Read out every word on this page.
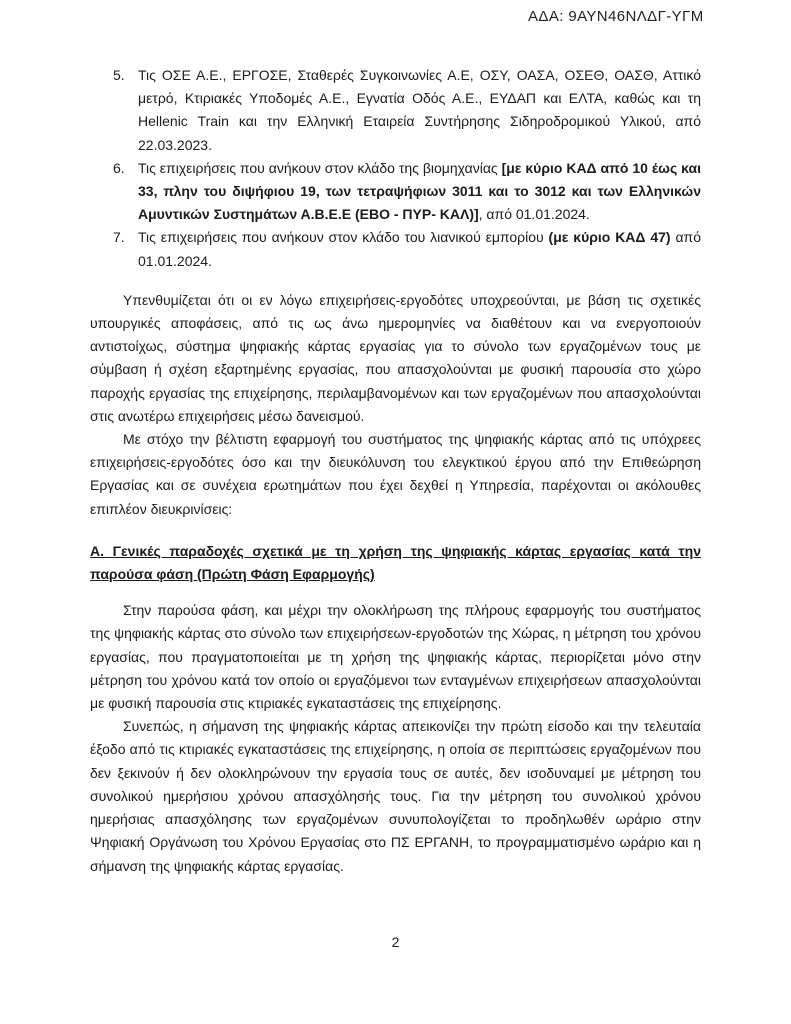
ΑΔΑ: 9ΑΥΝ46ΝΛΔΓ-ΥΓΜ
5. Τις ΟΣΕ Α.Ε., ΕΡΓΟΣΕ, Σταθερές Συγκοινωνίες Α.Ε, ΟΣΥ, ΟΑΣΑ, ΟΣΕΘ, ΟΑΣΘ, Αττικό μετρό, Κτιριακές Υποδομές Α.Ε., Εγνατία Οδός Α.Ε., ΕΥΔΑΠ και ΕΛΤΑ, καθώς και τη Hellenic Train και την Ελληνική Εταιρεία Συντήρησης Σιδηροδρομικού Υλικού, από 22.03.2023.
6. Τις επιχειρήσεις που ανήκουν στον κλάδο της βιομηχανίας [με κύριο ΚΑΔ από 10 έως και 33, πλην του διψήφιου 19, των τετραψήφιων 3011 και το 3012 και των Ελληνικών Αμυντικών Συστημάτων Α.Β.Ε.Ε (ΕΒΟ - ΠΥΡ- ΚΑΛ)], από 01.01.2024.
7. Τις επιχειρήσεις που ανήκουν στον κλάδο του λιανικού εμπορίου (με κύριο ΚΑΔ 47) από 01.01.2024.

Υπενθυμίζεται ότι οι εν λόγω επιχειρήσεις-εργοδότες υποχρεούνται, με βάση τις σχετικές υπουργικές αποφάσεις, από τις ως άνω ημερομηνίες να διαθέτουν και να ενεργοποιούν αντιστοίχως, σύστημα ψηφιακής κάρτας εργασίας για το σύνολο των εργαζομένων τους με σύμβαση ή σχέση εξαρτημένης εργασίας, που απασχολούνται με φυσική παρουσία στο χώρο παροχής εργασίας της επιχείρησης, περιλαμβανομένων και των εργαζομένων που απασχολούνται στις ανωτέρω επιχειρήσεις μέσω δανεισμού.

Με στόχο την βέλτιστη εφαρμογή του συστήματος της ψηφιακής κάρτας από τις υπόχρεες επιχειρήσεις-εργοδότες όσο και την διευκόλυνση του ελεγκτικού έργου από την Επιθεώρηση Εργασίας και σε συνέχεια ερωτημάτων που έχει δεχθεί η Υπηρεσία, παρέχονται οι ακόλουθες επιπλέον διευκρινίσεις:

Α. Γενικές παραδοχές σχετικά με τη χρήση της ψηφιακής κάρτας εργασίας κατά την παρούσα φάση (Πρώτη Φάση Εφαρμογής)

Στην παρούσα φάση, και μέχρι την ολοκλήρωση της πλήρους εφαρμογής του συστήματος της ψηφιακής κάρτας στο σύνολο των επιχειρήσεων-εργοδοτών της Χώρας, η μέτρηση του χρόνου εργασίας, που πραγματοποιείται με τη χρήση της ψηφιακής κάρτας, περιορίζεται μόνο στην μέτρηση του χρόνου κατά τον οποίο οι εργαζόμενοι των ενταγμένων επιχειρήσεων απασχολούνται με φυσική παρουσία στις κτιριακές εγκαταστάσεις της επιχείρησης.

Συνεπώς, η σήμανση της ψηφιακής κάρτας απεικονίζει την πρώτη είσοδο και την τελευταία έξοδο από τις κτιριακές εγκαταστάσεις της επιχείρησης, η οποία σε περιπτώσεις εργαζομένων που δεν ξεκινούν ή δεν ολοκληρώνουν την εργασία τους σε αυτές, δεν ισοδυναμεί με μέτρηση του συνολικού ημερήσιου χρόνου απασχόλησής τους. Για την μέτρηση του συνολικού χρόνου ημερήσιας απασχόλησης των εργαζομένων συνυπολογίζεται το προδηλωθέν ωράριο στην Ψηφιακή Οργάνωση του Χρόνου Εργασίας στο ΠΣ ΕΡΓΑΝΗ, το προγραμματισμένο ωράριο και η σήμανση της ψηφιακής κάρτας εργασίας.

2
